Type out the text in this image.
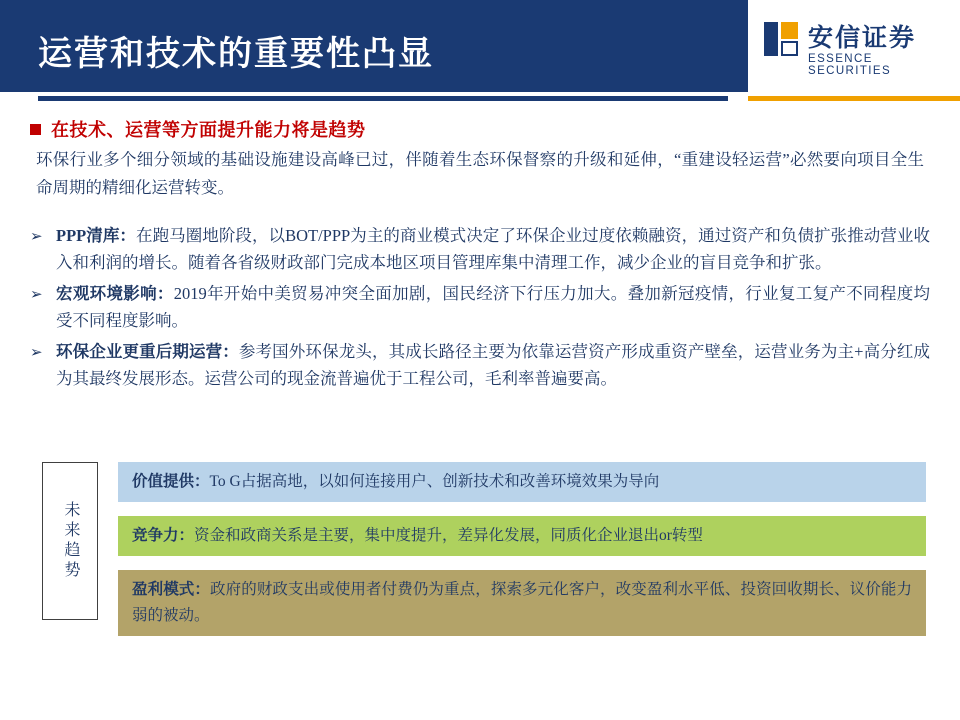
运营和技术的重要性凸显	安信证券
ESSENCE SECURITIES
在技术、运营等方面提升能力将是趋势
环保行业多个细分领域的基础设施建设高峰已过，伴随着生态环保督察的升级和延伸，“重建设轻运营”必然要向项目全生命周期的精细化运营转变。
➢ PPP清库：在跑马圈地阶段，以BOT/PPP为主的商业模式决定了环保企业过度依赖融资，通过资产和负债扩张推动营业收入和利润的增长。随着各省级财政部门完成本地区项目管理库集中清理工作，减少企业的盲目竞争和扩张。
➢ 宏观环境影响：2019年开始中美贸易冲突全面加剧，国民经济下行压力加大。叠加新冠疫情，行业复工复产不同程度均受不同程度影响。
➢ 环保企业更重后期运营：参考国外环保龙头，其成长路径主要为依靠运营资产形成重资产壁垒，运营业务为主+高分红成为其最终发展形态。运营公司的现金流普遍优于工程公司，毛利率普遍要高。
未来趋势
价值提供：To G占据高地，以如何连接用户、创新技术和改善环境效果为导向
竞争力：资金和政商关系是主要，集中度提升，差异化发展，同质化企业退出or转型
盈利模式：政府的财政支出或使用者付费仍为重点，探索多元化客户，改变盈利水平低、投资回收期长、议价能力弱的被动。
